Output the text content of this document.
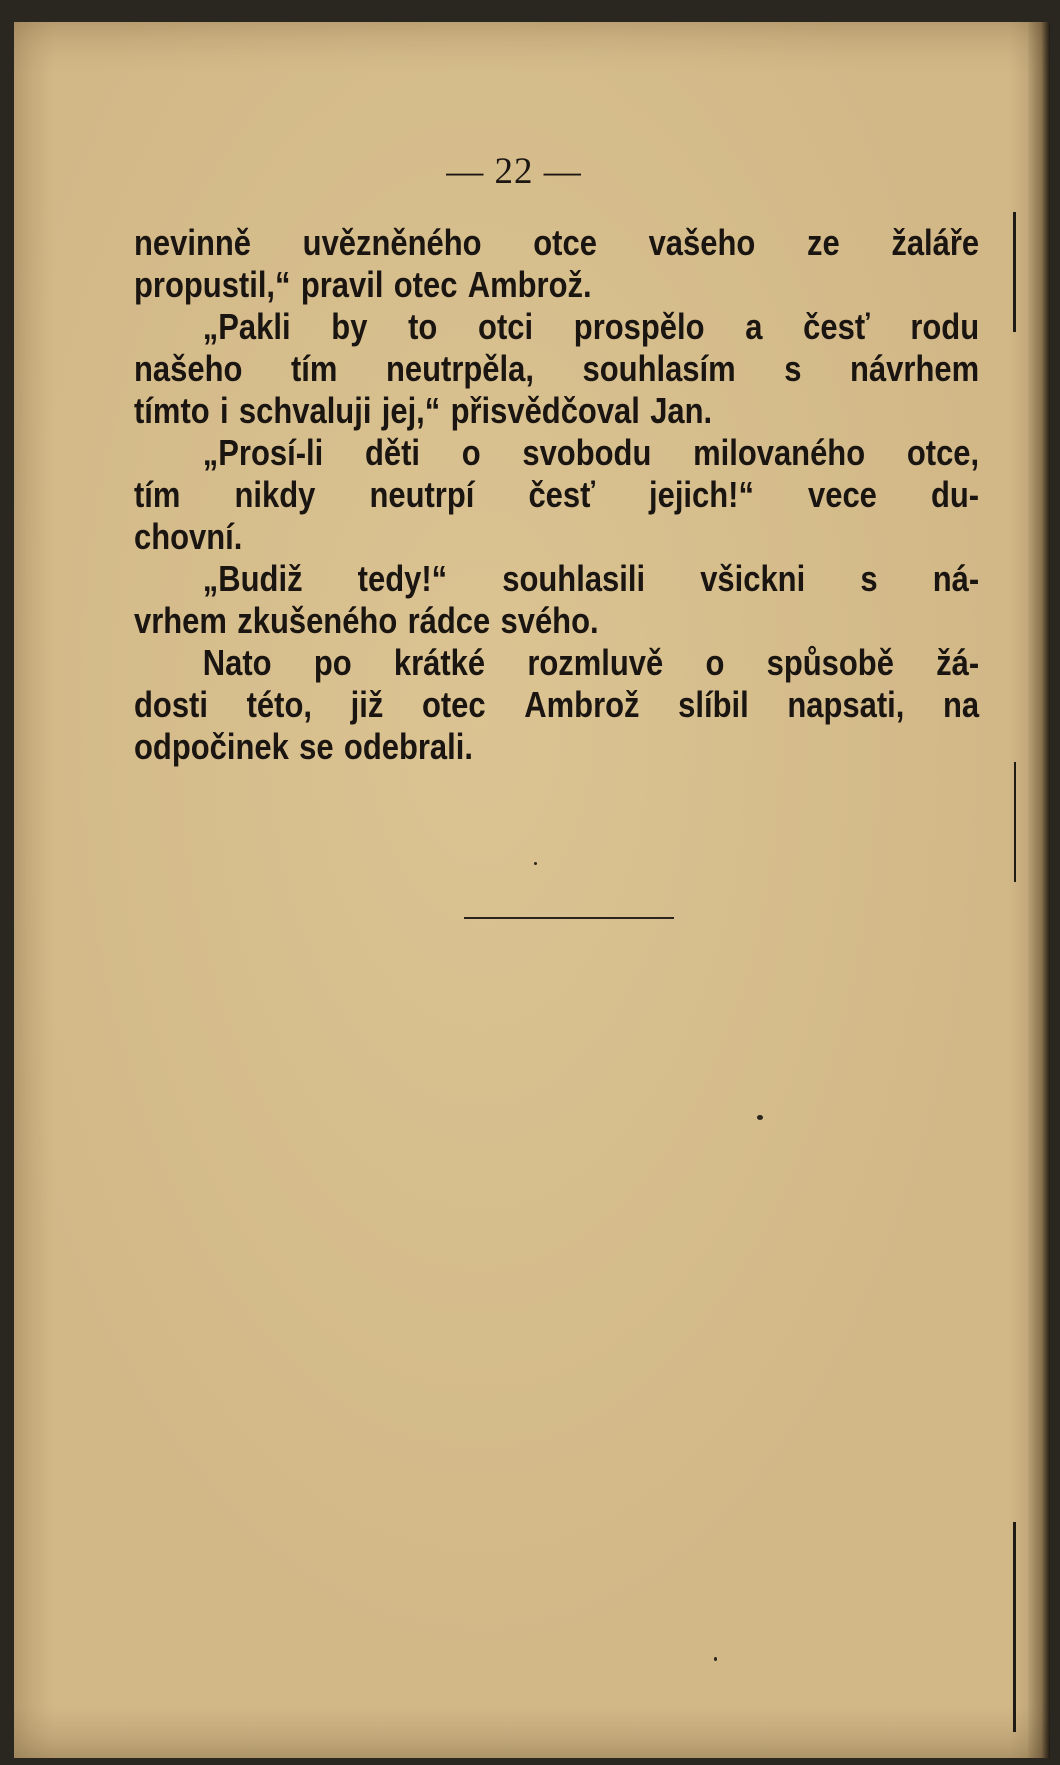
— 22 —
nevinně uvězněného otce vašeho ze žaláře
propustil,“ pravil otec Ambrož.
„Pakli by to otci prospělo a česť rodu
našeho tím neutrpěla, souhlasím s návrhem
tímto i schvaluji jej,“ přisvědčoval Jan.
„Prosí-li děti o svobodu milovaného otce,
tím nikdy neutrpí česť jejich!“ vece du-
chovní.
„Budiž tedy!“ souhlasili všickni s ná-
vrhem zkušeného rádce svého.
Nato po krátké rozmluvě o spůsobě žá-
dosti této, již otec Ambrož slíbil napsati, na
odpočinek se odebrali.
